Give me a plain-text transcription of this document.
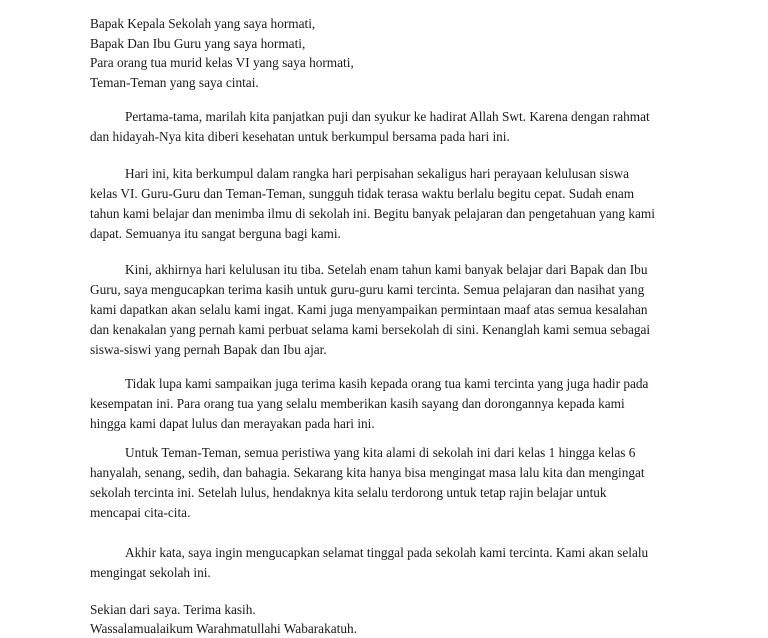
Bapak Kepala Sekolah yang saya hormati,
Bapak Dan Ibu Guru yang saya hormati,
Para orang tua murid kelas VI yang saya hormati,
Teman-Teman yang saya cintai.
Pertama-tama, marilah kita panjatkan puji dan syukur ke hadirat Allah Swt. Karena dengan rahmat
dan hidayah-Nya kita diberi kesehatan untuk berkumpul bersama pada hari ini.
Hari ini, kita berkumpul dalam rangka hari perpisahan sekaligus hari perayaan kelulusan siswa
kelas VI. Guru-Guru dan Teman-Teman, sungguh tidak terasa waktu berlalu begitu cepat. Sudah enam
tahun kami belajar dan menimba ilmu di sekolah ini. Begitu banyak pelajaran dan pengetahuan yang kami
dapat. Semuanya itu sangat berguna bagi kami.
Kini, akhirnya hari kelulusan itu tiba. Setelah enam tahun kami banyak belajar dari Bapak dan Ibu
Guru, saya mengucapkan terima kasih untuk guru-guru kami tercinta. Semua pelajaran dan nasihat yang
kami dapatkan akan selalu kami ingat. Kami juga menyampaikan permintaan maaf atas semua kesalahan
dan kenakalan yang pernah kami perbuat selama kami bersekolah di sini. Kenanglah kami semua sebagai
siswa-siswi yang pernah Bapak dan Ibu ajar.
Tidak lupa kami sampaikan juga terima kasih kepada orang tua kami tercinta yang juga hadir pada
kesempatan ini. Para orang tua yang selalu memberikan kasih sayang dan dorongannya kepada kami
hingga kami dapat lulus dan merayakan pada hari ini.
Untuk Teman-Teman, semua peristiwa yang kita alami di sekolah ini dari kelas 1 hingga kelas 6
hanyalah, senang, sedih, dan bahagia. Sekarang kita hanya bisa mengingat masa lalu kita dan mengingat
sekolah tercinta ini. Setelah lulus, hendaknya kita selalu terdorong untuk tetap rajin belajar untuk
mencapai cita-cita.
Akhir kata, saya ingin mengucapkan selamat tinggal pada sekolah kami tercinta. Kami akan selalu
mengingat sekolah ini.
Sekian dari saya. Terima kasih.
Wassalamualaikum Warahmatullahi Wabarakatuh.
